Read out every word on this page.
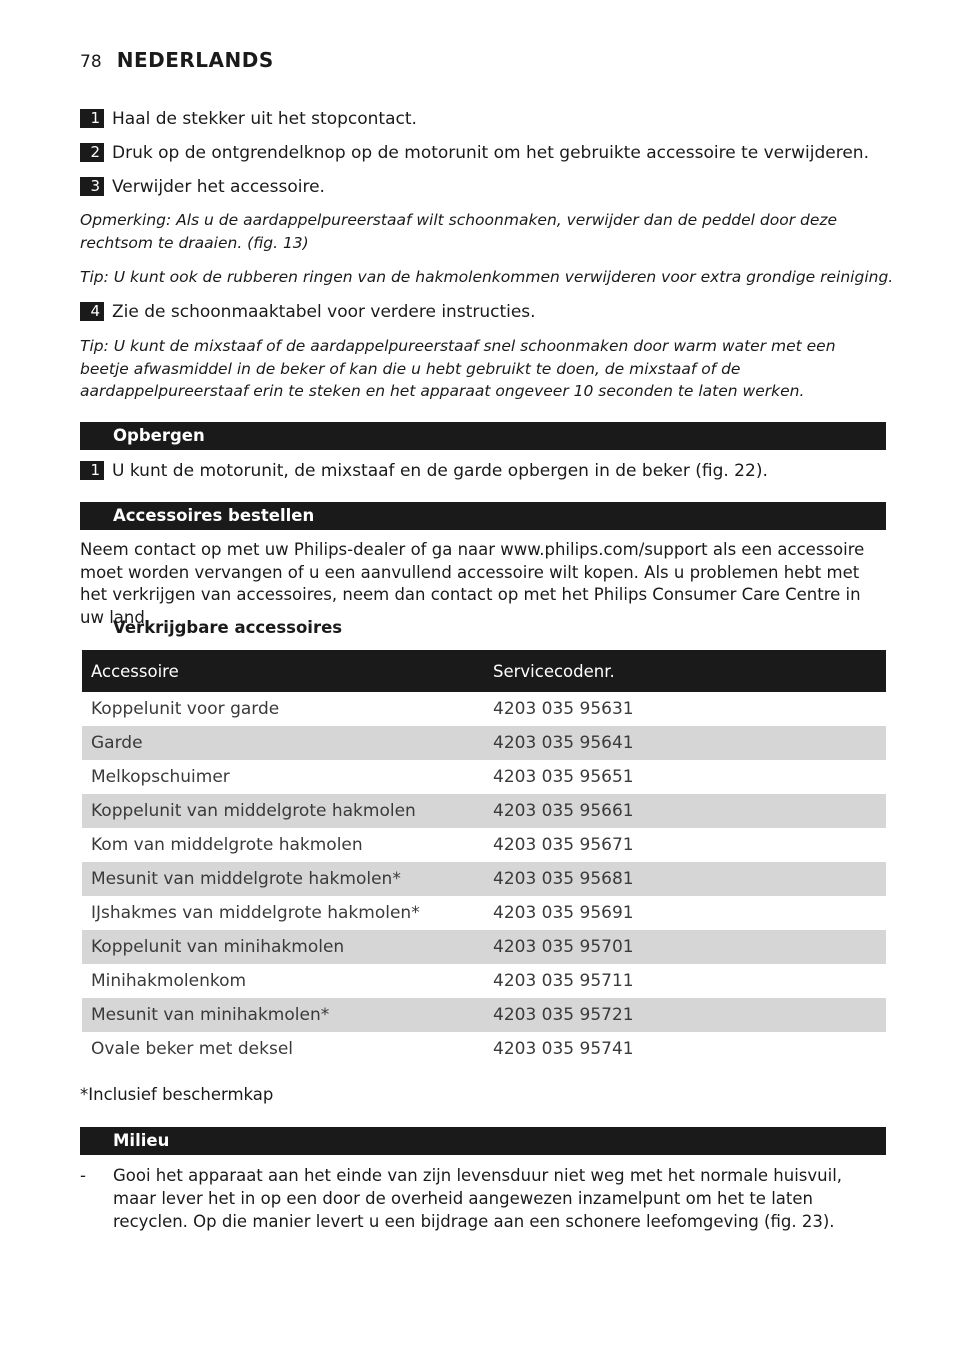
78 NEDERLANDS
1 Haal de stekker uit het stopcontact.
2 Druk op de ontgrendelknop op de motorunit om het gebruikte accessoire te verwijderen.
3 Verwijder het accessoire.
Opmerking: Als u de aardappelpureerstaaf wilt schoonmaken, verwijder dan de peddel door deze rechtsom te draaien. (fig. 13)
Tip: U kunt ook de rubberen ringen van de hakmolenkommen verwijderen voor extra grondige reiniging.
4 Zie de schoonmaaktabel voor verdere instructies.
Tip: U kunt de mixstaaf of de aardappelpureerstaaf snel schoonmaken door warm water met een beetje afwasmiddel in de beker of kan die u hebt gebruikt te doen, de mixstaaf of de aardappelpureerstaaf erin te steken en het apparaat ongeveer 10 seconden te laten werken.
Opbergen
1 U kunt de motorunit, de mixstaaf en de garde opbergen in de beker (fig. 22).
Accessoires bestellen
Neem contact op met uw Philips-dealer of ga naar www.philips.com/support als een accessoire moet worden vervangen of u een aanvullend accessoire wilt kopen. Als u problemen hebt met het verkrijgen van accessoires, neem dan contact op met het Philips Consumer Care Centre in uw land.
Verkrijgbare accessoires
Accessoire	Servicecodenr.
Koppelunit voor garde	4203 035 95631
Garde	4203 035 95641
Melkopschuimer	4203 035 95651
Koppelunit van middelgrote hakmolen	4203 035 95661
Kom van middelgrote hakmolen	4203 035 95671
Mesunit van middelgrote hakmolen*	4203 035 95681
IJshakmes van middelgrote hakmolen*	4203 035 95691
Koppelunit van minihakmolen	4203 035 95701
Minihakmolenkom	4203 035 95711
Mesunit van minihakmolen*	4203 035 95721
Ovale beker met deksel	4203 035 95741
*Inclusief beschermkap
Milieu
-	Gooi het apparaat aan het einde van zijn levensduur niet weg met het normale huisvuil, maar lever het in op een door de overheid aangewezen inzamelpunt om het te laten recyclen. Op die manier levert u een bijdrage aan een schonere leefomgeving (fig. 23).
